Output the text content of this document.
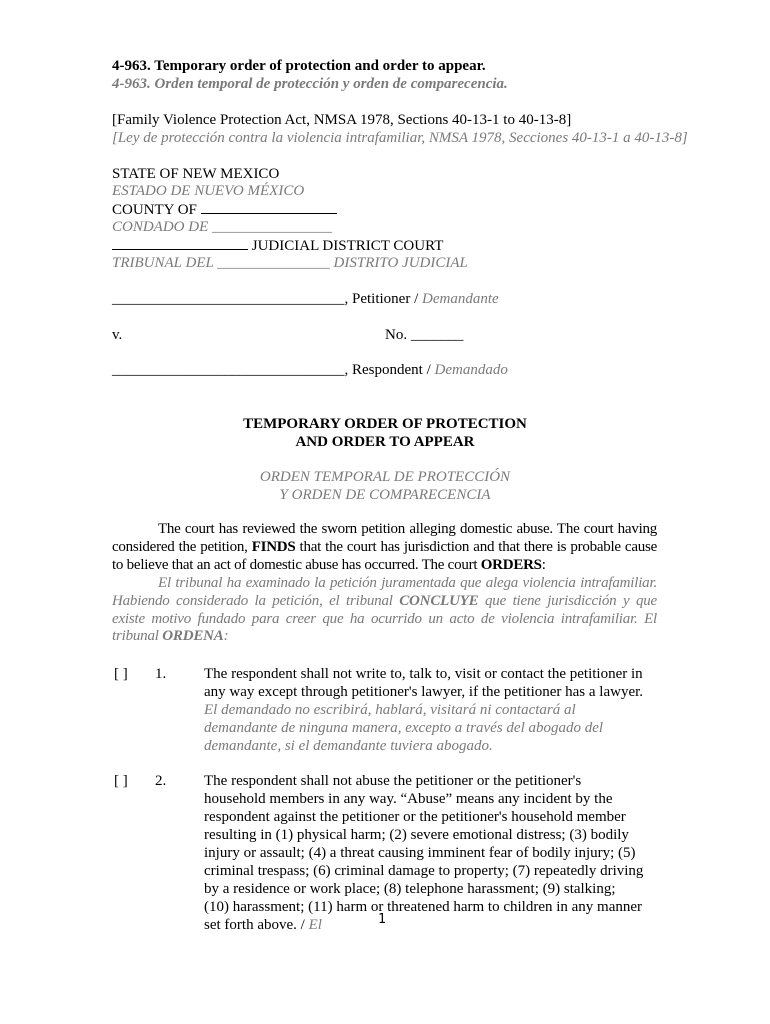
4-963. Temporary order of protection and order to appear.
4-963. Orden temporal de protección y orden de comparecencia.
[Family Violence Protection Act, NMSA 1978, Sections 40-13-1 to 40-13-8]
[Ley de protección contra la violencia intrafamiliar, NMSA 1978, Secciones 40-13-1 a 40-13-8]
STATE OF NEW MEXICO
ESTADO DE NUEVO MÉXICO
COUNTY OF
CONDADO DE ________________
JUDICIAL DISTRICT COURT
TRIBUNAL DEL _______________ DISTRITO JUDICIAL
_______________________________, Petitioner / Demandante
v.	No. _______
_______________________________, Respondent / Demandado
TEMPORARY ORDER OF PROTECTION
AND ORDER TO APPEAR
ORDEN TEMPORAL DE PROTECCIÓN
Y ORDEN DE COMPARECENCIA
The court has reviewed the sworn petition alleging domestic abuse. The court having considered the petition, FINDS that the court has jurisdiction and that there is probable cause to believe that an act of domestic abuse has occurred. The court ORDERS:
El tribunal ha examinado la petición juramentada que alega violencia intrafamiliar. Habiendo considerado la petición, el tribunal CONCLUYE que tiene jurisdicción y que existe motivo fundado para creer que ha ocurrido un acto de violencia intrafamiliar. El tribunal ORDENA:
[ ] 1.	The respondent shall not write to, talk to, visit or contact the petitioner in any way except through petitioner's lawyer, if the petitioner has a lawyer.
El demandado no escribirá, hablará, visitará ni contactará al demandante de ninguna manera, excepto a través del abogado del demandante, si el demandante tuviera abogado.
[ ] 2.	The respondent shall not abuse the petitioner or the petitioner's household members in any way. “Abuse” means any incident by the respondent against the petitioner or the petitioner's household member resulting in (1) physical harm; (2) severe emotional distress; (3) bodily injury or assault; (4) a threat causing imminent fear of bodily injury; (5) criminal trespass; (6) criminal damage to property; (7) repeatedly driving by a residence or work place; (8) telephone harassment; (9) stalking; (10) harassment; (11) harm or threatened harm to children in any manner set forth above. / El	1
